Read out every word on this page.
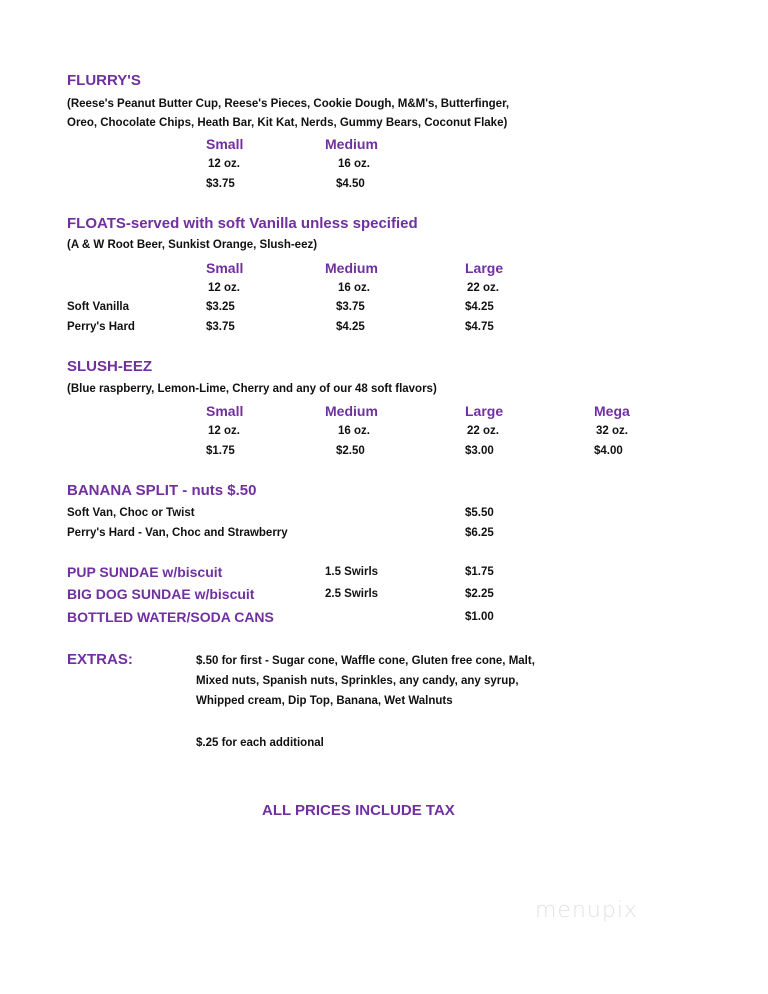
FLURRY'S
(Reese's Peanut Butter Cup, Reese's Pieces, Cookie Dough, M&M's, Butterfinger,
Oreo, Chocolate Chips, Heath Bar, Kit Kat, Nerds, Gummy Bears, Coconut Flake)
Small	Medium
12 oz.	16 oz.
$3.75	$4.50
FLOATS-served with soft Vanilla unless specified
(A & W Root Beer, Sunkist Orange, Slush-eez)
Small	Medium	Large
12 oz.	16 oz.	22 oz.
Soft Vanilla	$3.25	$3.75	$4.25
Perry's Hard	$3.75	$4.25	$4.75
SLUSH-EEZ
(Blue raspberry, Lemon-Lime, Cherry and any of our 48 soft flavors)
Small	Medium	Large	Mega
12 oz.	16 oz.	22 oz.	32 oz.
$1.75	$2.50	$3.00	$4.00
BANANA SPLIT - nuts $.50
Soft Van, Choc or Twist	$5.50
Perry's Hard - Van, Choc and Strawberry	$6.25
PUP SUNDAE w/biscuit	1.5 Swirls	$1.75
BIG DOG SUNDAE w/biscuit	2.5 Swirls	$2.25
BOTTLED WATER/SODA CANS	$1.00
EXTRAS:	$.50 for first - Sugar cone, Waffle cone, Gluten free cone, Malt,
Mixed nuts, Spanish nuts, Sprinkles, any candy, any syrup,
Whipped cream, Dip Top, Banana, Wet Walnuts
$.25 for each additional
ALL PRICES INCLUDE TAX
menupix
